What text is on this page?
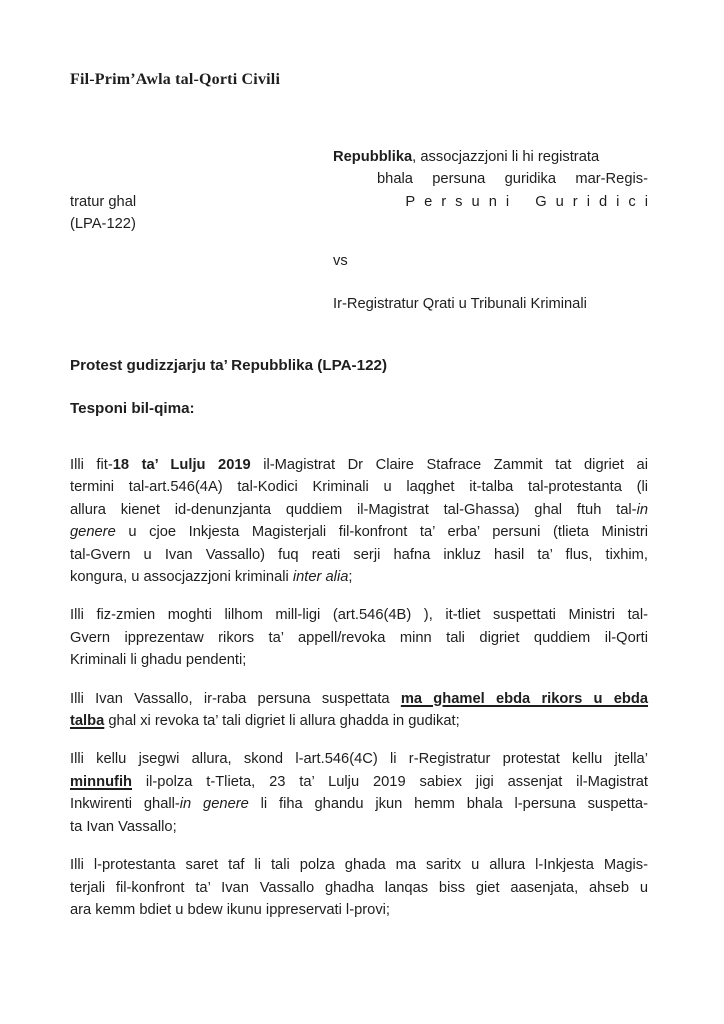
Fil-Prim’Awla tal-Qorti Civili
Repubblika, assocjazzjoni li hi registrata
bhala persuna guridika mar-Regis-
tratur ghal	Persuni Guridici
(LPA-122)
vs
Ir-Registratur Qrati u Tribunali Kriminali
Protest gudizzjarju ta’ Repubblika (LPA-122)
Tesponi bil-qima:
Illi fit-18 ta’ Lulju 2019 il-Magistrat Dr Claire Stafrace Zammit tat digriet ai
termini tal-art.546(4A) tal-Kodici Kriminali u laqghet it-talba tal-protestanta (li
allura kienet id-denunzjanta quddiem il-Magistrat tal-Ghassa) ghal ftuh tal-in
genere u cjoe Inkjesta Magisterjali fil-konfront ta’ erba’ persuni (tlieta Ministri
tal-Gvern u Ivan Vassallo) fuq reati serji hafna inkluz hasil ta’ flus, tixhim,
kongura, u assocjazzjoni kriminali inter alia;
Illi fiz-zmien moghti lilhom mill-ligi (art.546(4B) ), it-tliet suspettati Ministri tal-
Gvern ipprezentaw rikors ta’ appell/revoka minn tali digriet quddiem il-Qorti
Kriminali li ghadu pendenti;
Illi Ivan Vassallo, ir-raba persuna suspettata ma ghamel ebda rikors u ebda
talba ghal xi revoka ta’ tali digriet li allura ghadda in gudikat;
Illi kellu jsegwi allura, skond l-art.546(4C) li r-Registratur protestat kellu jtella’
minnufih il-polza t-Tlieta, 23 ta’ Lulju 2019 sabiex jigi assenjat il-Magistrat
Inkwirenti ghall-in genere li fiha ghandu jkun hemm bhala l-persuna suspetta-
ta Ivan Vassallo;
Illi l-protestanta saret taf li tali polza ghada ma saritx u allura l-Inkjesta Magis-
terjali fil-konfront ta’ Ivan Vassallo ghadha lanqas biss giet aasenjata, ahseb u
ara kemm bdiet u bdew ikunu ippreservati l-provi;
